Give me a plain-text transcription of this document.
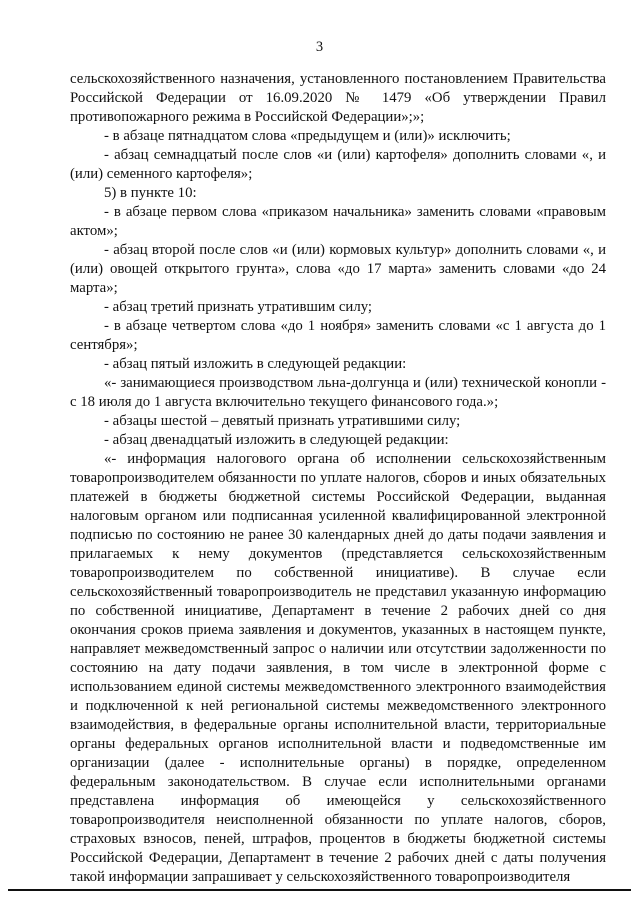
3

сельскохозяйственного назначения, установленного постановлением Правительства Российской Федерации от 16.09.2020 № 1479 «Об утверждении Правил противопожарного режима в Российской Федерации»;»;

- в абзаце пятнадцатом слова «предыдущем и (или)» исключить;

- абзац семнадцатый после слов «и (или) картофеля» дополнить словами «, и (или) семенного картофеля»;

5) в пункте 10:

- в абзаце первом слова «приказом начальника» заменить словами «правовым актом»;

- абзац второй после слов «и (или) кормовых культур» дополнить словами «, и (или) овощей открытого грунта», слова «до 17 марта» заменить словами «до 24 марта»;

- абзац третий признать утратившим силу;

- в абзаце четвертом слова «до 1 ноября» заменить словами «с 1 августа до 1 сентября»;

- абзац пятый изложить в следующей редакции:

«- занимающиеся производством льна-долгунца и (или) технической конопли - с 18 июля до 1 августа включительно текущего финансового года.»;

- абзацы шестой – девятый признать утратившими силу;

- абзац двенадцатый изложить в следующей редакции:

«- информация налогового органа об исполнении сельскохозяйственным товаропроизводителем обязанности по уплате налогов, сборов и иных обязательных платежей в бюджеты бюджетной системы Российской Федерации, выданная налоговым органом или подписанная усиленной квалифицированной электронной подписью по состоянию не ранее 30 календарных дней до даты подачи заявления и прилагаемых к нему документов (представляется сельскохозяйственным товаропроизводителем по собственной инициативе). В случае если сельскохозяйственный товаропроизводитель не представил указанную информацию по собственной инициативе, Департамент в течение 2 рабочих дней со дня окончания сроков приема заявления и документов, указанных в настоящем пункте, направляет межведомственный запрос о наличии или отсутствии задолженности по состоянию на дату подачи заявления, в том числе в электронной форме с использованием единой системы межведомственного электронного взаимодействия и подключенной к ней региональной системы межведомственного электронного взаимодействия, в федеральные органы исполнительной власти, территориальные органы федеральных органов исполнительной власти и подведомственные им организации (далее - исполнительные органы) в порядке, определенном федеральным законодательством. В случае если исполнительными органами представлена информация об имеющейся у сельскохозяйственного товаропроизводителя неисполненной обязанности по уплате налогов, сборов, страховых взносов, пеней, штрафов, процентов в бюджеты бюджетной системы Российской Федерации, Департамент в течение 2 рабочих дней с даты получения такой информации запрашивает у сельскохозяйственного товаропроизводителя
